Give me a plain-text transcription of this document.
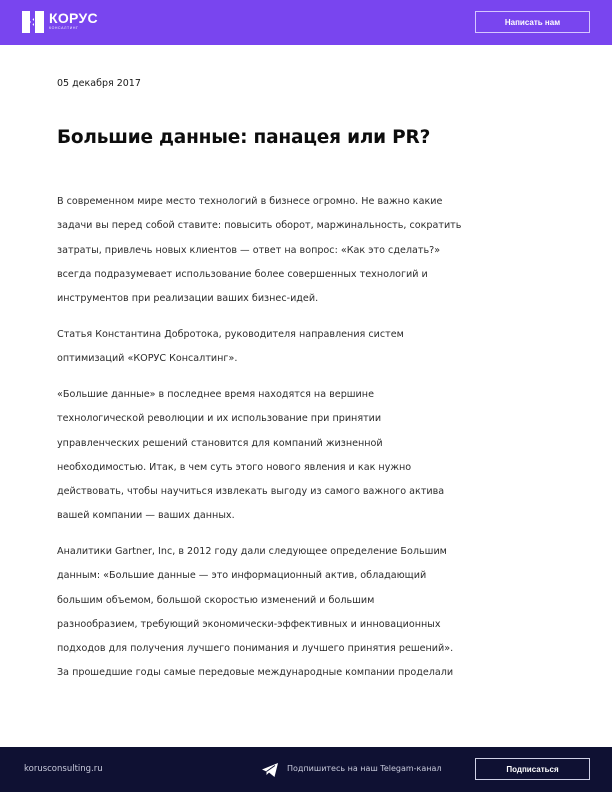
КОРУС
КОНСАЛТИНГ
Написать нам
05 декабря 2017
Большие данные: панацея или PR?

В современном мире место технологий в бизнесе огромно. Не важно какие
задачи вы перед собой ставите: повысить оборот, маржинальность, сократить
затраты, привлечь новых клиентов — ответ на вопрос: «Как это сделать?»
всегда подразумевает использование более совершенных технологий и
инструментов при реализации ваших бизнес-идей.

Статья Константина Добротока, руководителя направления систем
оптимизаций «КОРУС Консалтинг».

«Большие данные» в последнее время находятся на вершине
технологической революции и их использование при принятии
управленческих решений становится для компаний жизненной
необходимостью. Итак, в чем суть этого нового явления и как нужно
действовать, чтобы научиться извлекать выгоду из самого важного актива
вашей компании — ваших данных.

Аналитики Gartner, Inc, в 2012 году дали следующее определение Большим
данным: «Большие данные — это информационный актив, обладающий
большим объемом, большой скоростью изменений и большим
разнообразием, требующий экономически-эффективных и инновационных
подходов для получения лучшего понимания и лучшего принятия решений».
За прошедшие годы самые передовые международные компании проделали

korusconsulting.ru	Подпишитесь на наш Telegam-канал	Подписаться
